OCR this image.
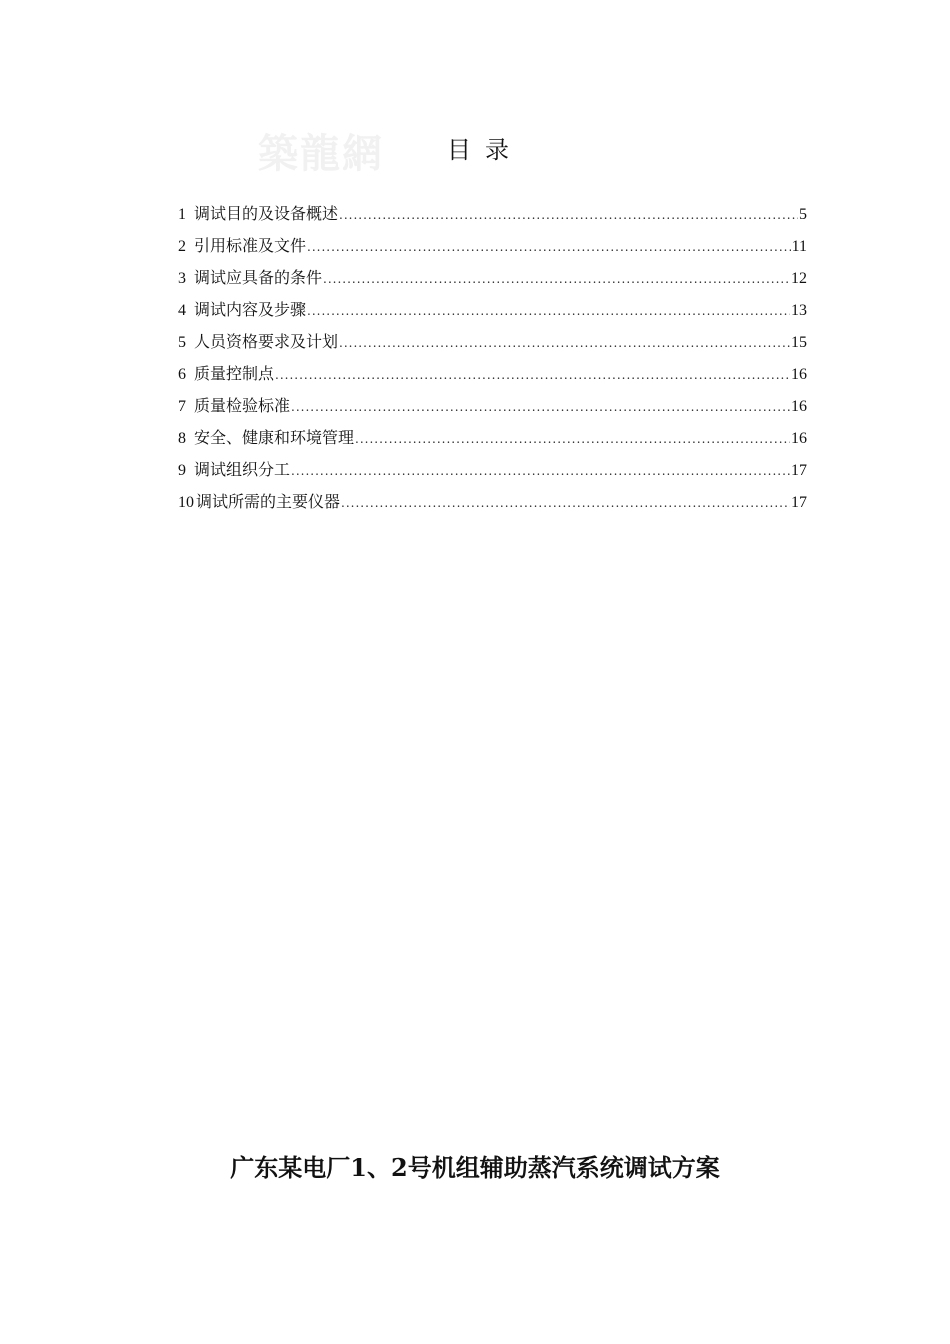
築龍網	目录
1 调试目的及设备概述 .....	5
2 引用标准及文件 .....	11
3 调试应具备的条件 .....	12
4 调试内容及步骤 .....	13
5 人员资格要求及计划 .....	15
6 质量控制点 .....	16
7 质量检验标准 .....	16
8 安全、健康和环境管理 .....	16
9 调试组织分工 .....	17
10 调试所需的主要仪器 .....	17
广东某电厂1、2号机组辅助蒸汽系统调试方案
